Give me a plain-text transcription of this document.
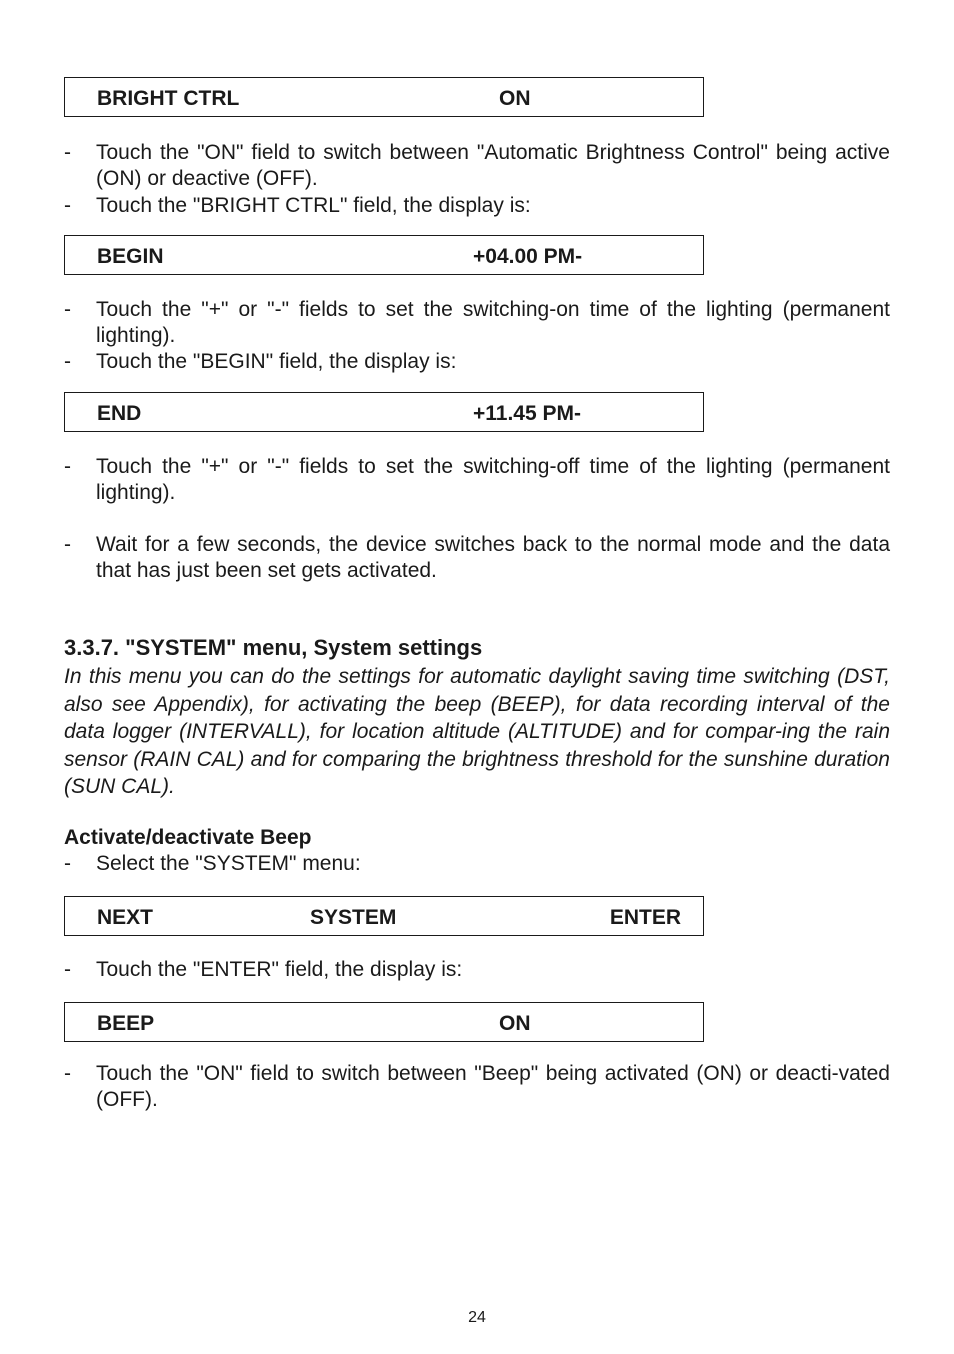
BRIGHT CTRL	ON
- Touch the "ON" field to switch between "Automatic Brightness Control" being active (ON) or deactive (OFF).
- Touch the "BRIGHT CTRL" field, the display is:
BEGIN	+04.00 PM-
- Touch the "+" or "-" fields to set the switching-on time of the lighting (permanent lighting).
- Touch the "BEGIN" field, the display is:
END	+11.45 PM-
- Touch the "+" or "-" fields to set the switching-off time of the lighting (permanent lighting).
- Wait for a few seconds, the device switches back to the normal mode and the data that has just been set gets activated.
3.3.7. "SYSTEM" menu, System settings
In this menu you can do the settings for automatic daylight saving time switching (DST, also see Appendix), for activating the beep (BEEP), for data recording interval of the data logger (INTERVALL), for location altitude (ALTITUDE) and for compar-ing the rain sensor (RAIN CAL) and for comparing the brightness threshold for the sunshine duration (SUN CAL).
Activate/deactivate Beep
- Select the "SYSTEM" menu:
NEXT	SYSTEM	ENTER
- Touch the "ENTER" field, the display is:
BEEP	ON
- Touch the "ON" field to switch between "Beep" being activated (ON) or deacti-vated (OFF).
24
